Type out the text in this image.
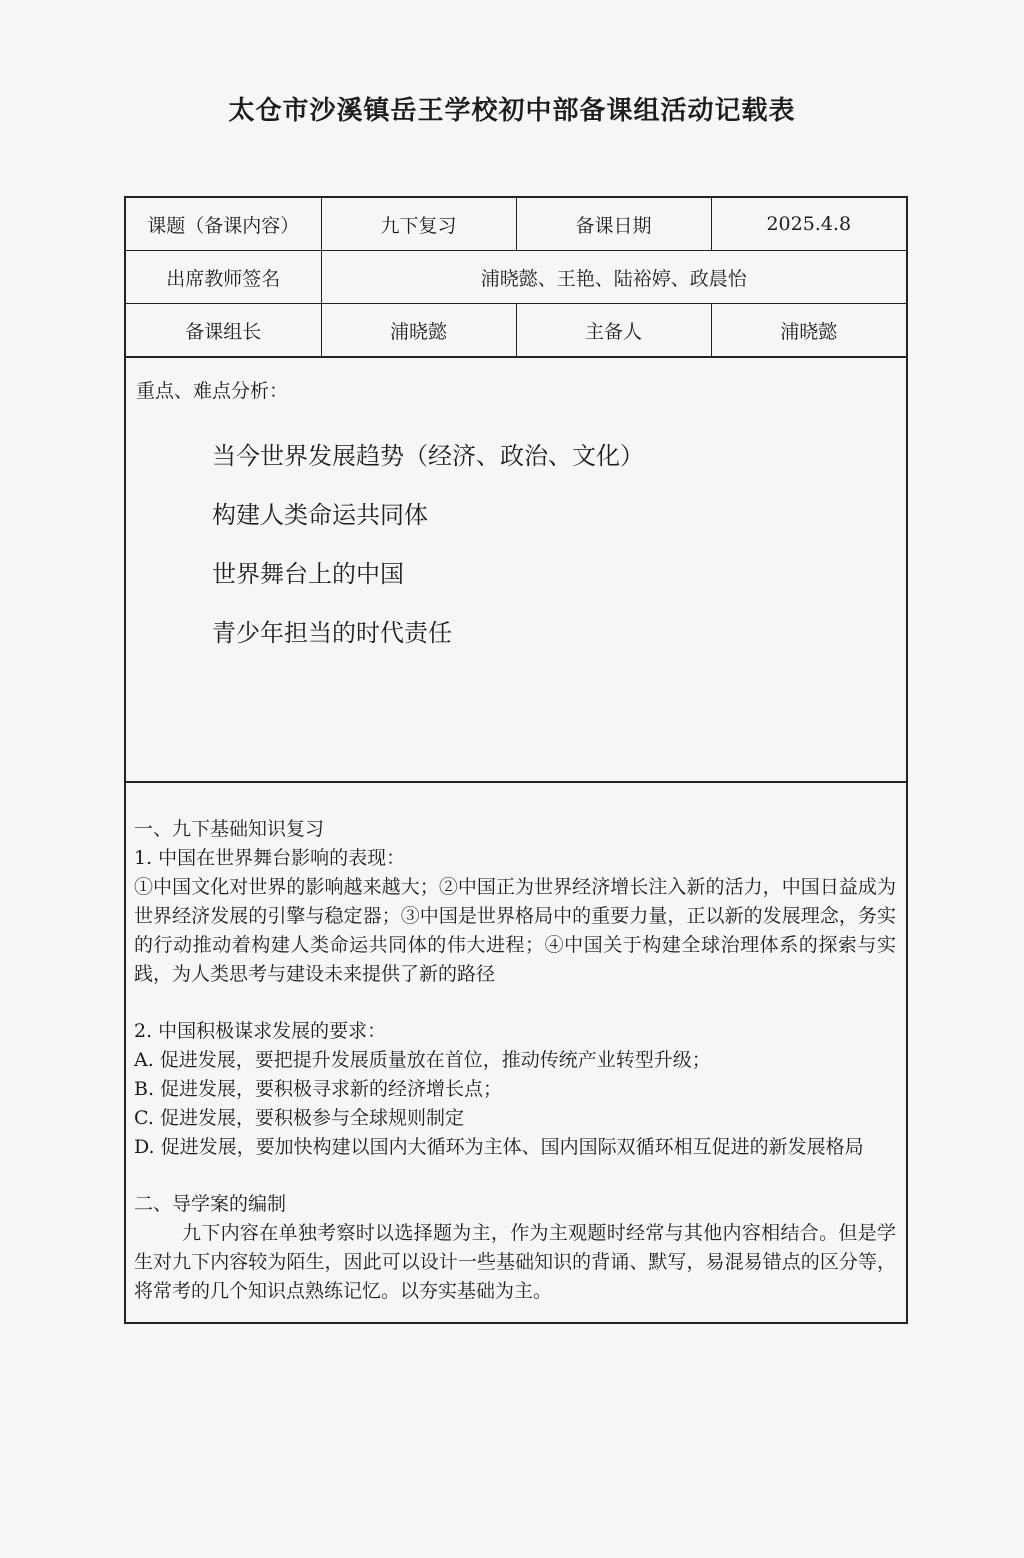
太仓市沙溪镇岳王学校初中部备课组活动记载表
课题（备课内容）	九下复习	备课日期	2025.4.8
出席教师签名	浦晓懿、王艳、陆裕婷、政晨怡		
备课组长	浦晓懿	主备人	浦晓懿
重点、难点分析：
当今世界发展趋势（经济、政治、文化）
构建人类命运共同体
世界舞台上的中国
青少年担当的时代责任

一、九下基础知识复习

1. 中国在世界舞台影响的表现：

①中国文化对世界的影响越来越大；②中国正为世界经济增长注入新的活力，中国日益成为世界经济发展的引擎与稳定器；③中国是世界格局中的重要力量，正以新的发展理念，务实的行动推动着构建人类命运共同体的伟大进程；④中国关于构建全球治理体系的探索与实践，为人类思考与建设未来提供了新的路径

2. 中国积极谋求发展的要求：

A. 促进发展，要把提升发展质量放在首位，推动传统产业转型升级；

B. 促进发展，要积极寻求新的经济增长点；

C. 促进发展，要积极参与全球规则制定

D. 促进发展，要加快构建以国内大循环为主体、国内国际双循环相互促进的新发展格局

二、导学案的编制

九下内容在单独考察时以选择题为主，作为主观题时经常与其他内容相结合。但是学生对九下内容较为陌生，因此可以设计一些基础知识的背诵、默写，易混易错点的区分等，将常考的几个知识点熟练记忆。以夯实基础为主。
